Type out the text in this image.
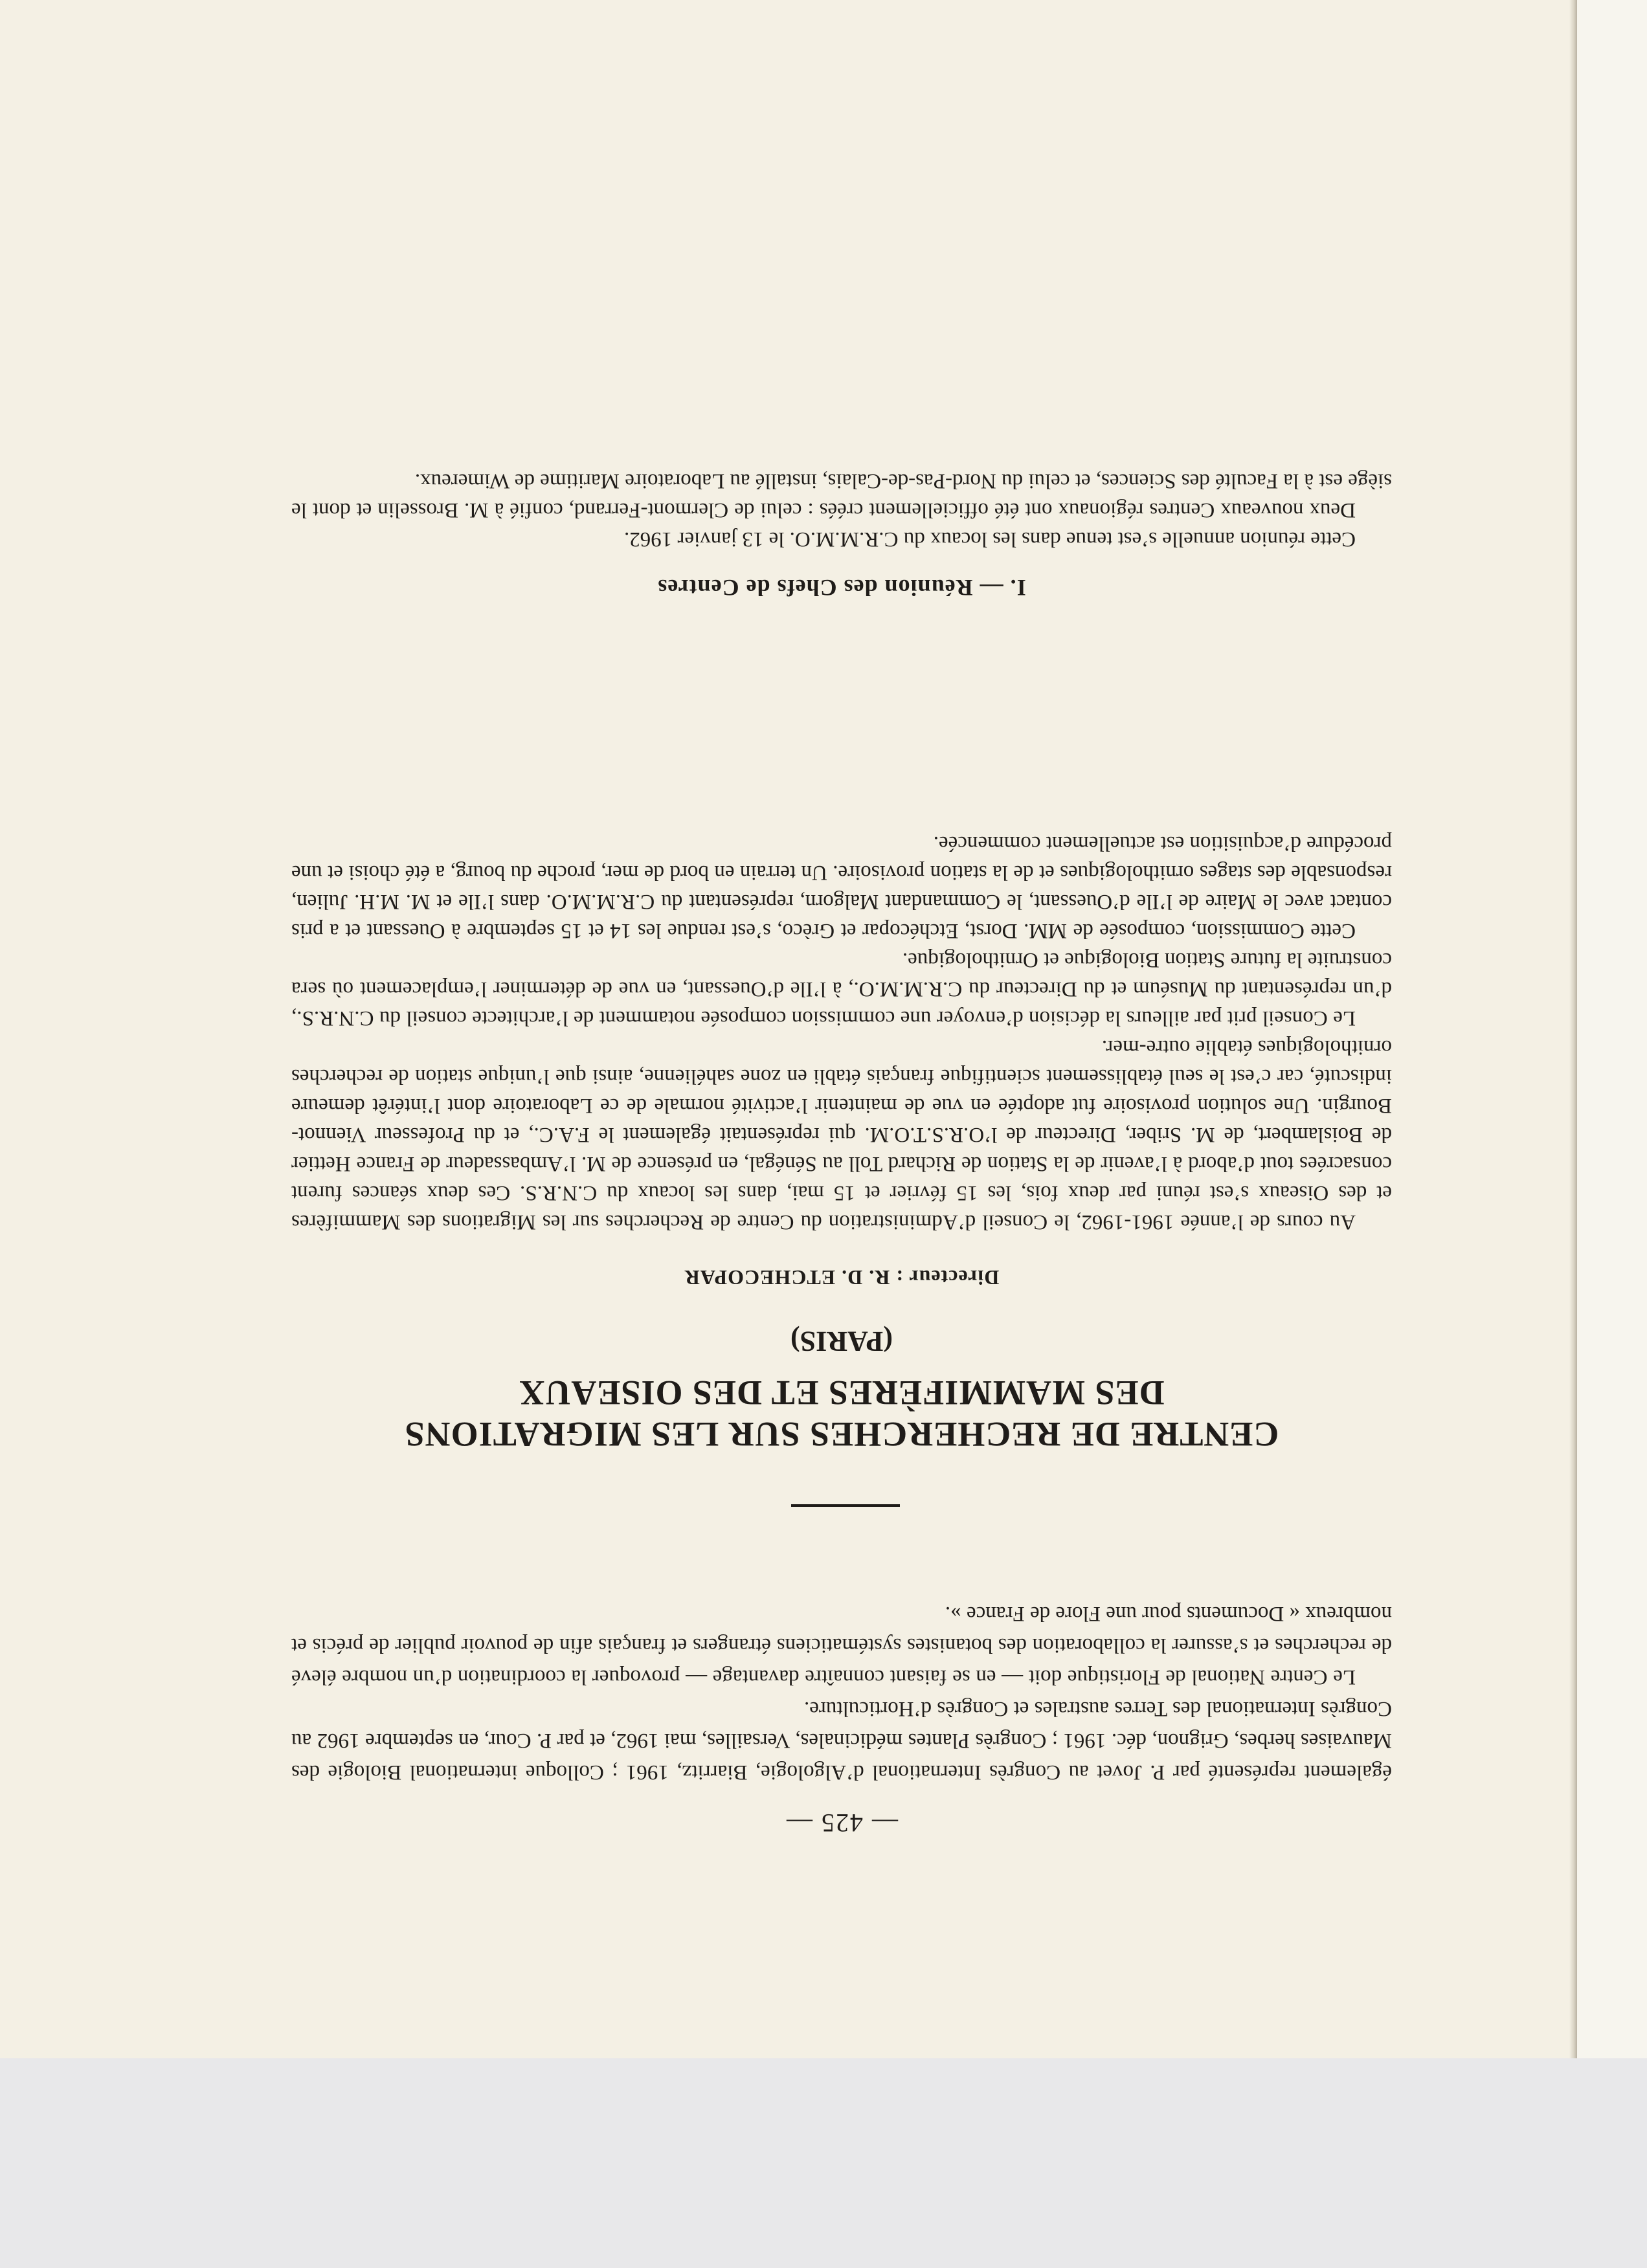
— 425 —

également représenté par P. Jovet au Congrès International d’Algologie, Biarritz, 1961 ; Colloque international Biologie des Mauvaises herbes, Grignon, déc. 1961 ; Congrès Plantes médicinales, Versailles, mai 1962, et par P. Cour, en septembre 1962 au Congrès International des Terres australes et Congrès d’Horticulture.

Le Centre National de Floristique doit — en se faisant connaître davantage — provoquer la coordination d’un nombre élevé de recherches et s’assurer la collaboration des botanistes systématiciens étrangers et français afin de pouvoir publier de précis et nombreux « Documents pour une Flore de France ».

CENTRE DE RECHERCHES SUR LES MIGRATIONS
DES MAMMIFÈRES ET DES OISEAUX
(PARIS)
Directeur : R. D. ETCHECOPAR

Au cours de l’année 1961-1962, le Conseil d’Administration du Centre de Recherches sur les Migrations des Mammifères et des Oiseaux s’est réuni par deux fois, les 15 février et 15 mai, dans les locaux du C.N.R.S. Ces deux séances furent consacrées tout d’abord à l’avenir de la Station de Richard Toll au Sénégal, en présence de M. l’Ambassadeur de France Hettier de Boislambert, de M. Sriber, Directeur de l’O.R.S.T.O.M. qui représentait également le F.A.C., et du Professeur Viennot-Bourgin. Une solution provisoire fut adoptée en vue de maintenir l’activité normale de ce Laboratoire dont l’intérêt demeure indiscuté, car c’est le seul établissement scientifique français établi en zone sahélienne, ainsi que l’unique station de recherches ornithologiques établie outre-mer.

Le Conseil prit par ailleurs la décision d’envoyer une commission composée notamment de l’architecte conseil du C.N.R.S., d’un représentant du Muséum et du Directeur du C.R.M.M.O., à l’Ile d’Ouessant, en vue de déterminer l’emplacement où sera construite la future Station Biologique et Ornithologique.

Cette Commission, composée de MM. Dorst, Etchécopar et Grèco, s’est rendue les 14 et 15 septembre à Ouessant et a pris contact avec le Maire de l’Ile d’Ouessant, le Commandant Malgorn, représentant du C.R.M.M.O. dans l’Ile et M. M.H. Julien, responsable des stages ornithologiques et de la station provisoire. Un terrain en bord de mer, proche du bourg, a été choisi et une procédure d’acquisition est actuellement commencée.

I. — Réunion des Chefs de Centres

Cette réunion annuelle s’est tenue dans les locaux du C.R.M.M.O. le 13 janvier 1962.

Deux nouveaux Centres régionaux ont été officiellement créés : celui de Clermont-Ferrand, confié à M. Brosselin et dont le siège est à la Faculté des Sciences, et celui du Nord-Pas-de-Calais, installé au Laboratoire Maritime de Wimereux.
